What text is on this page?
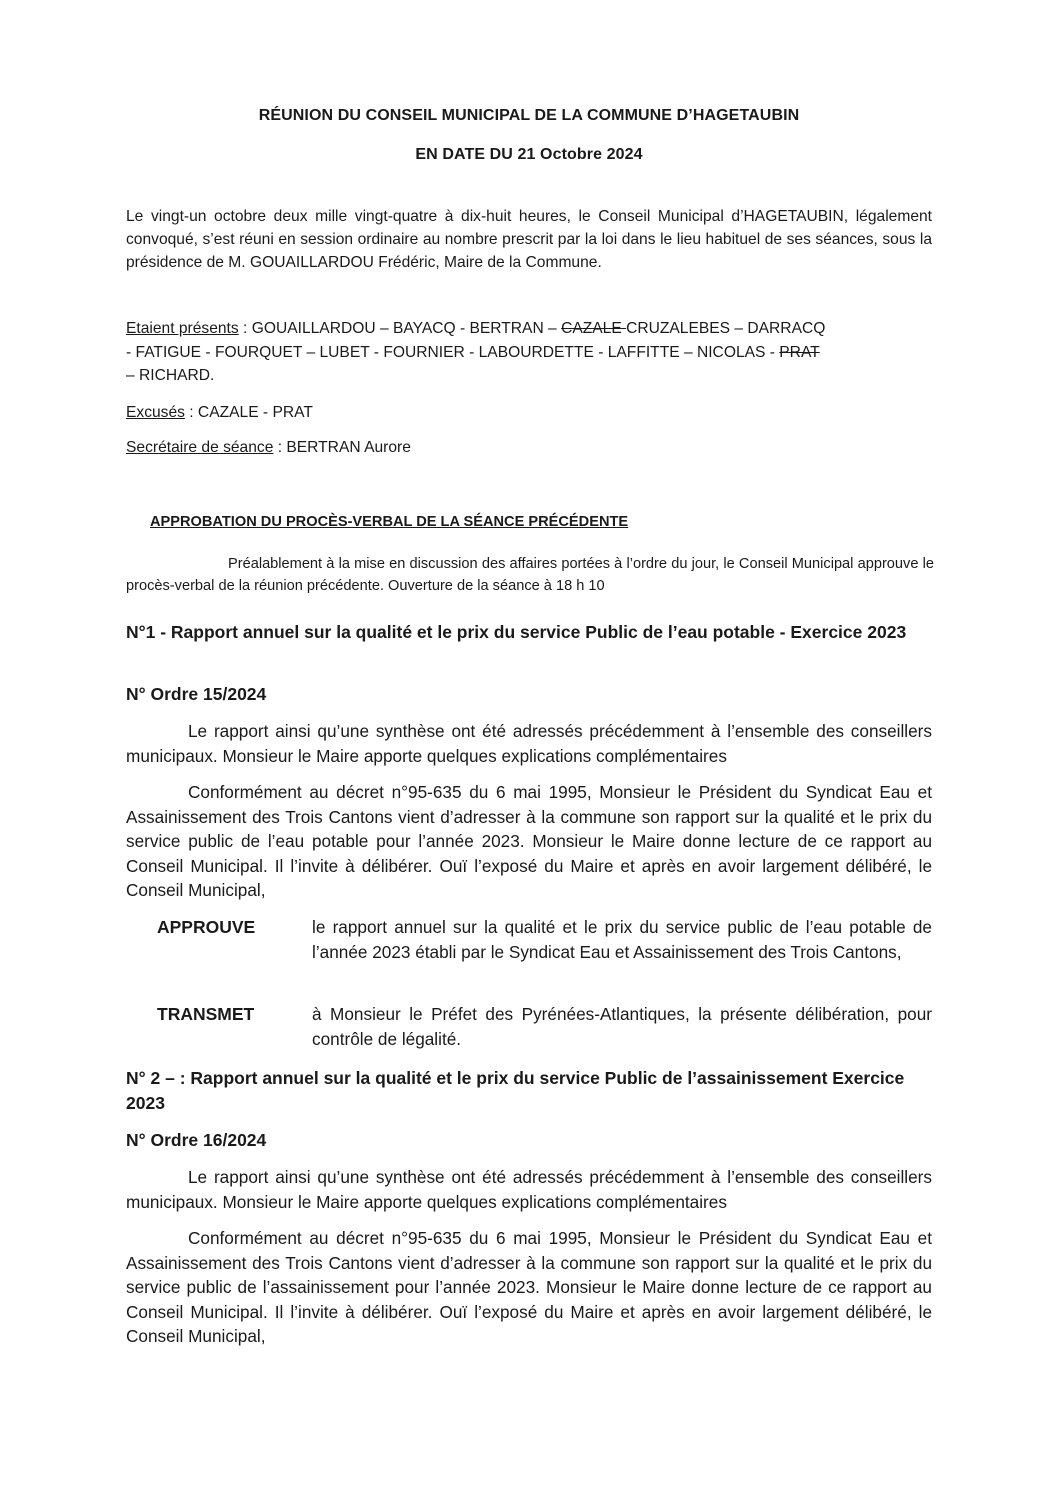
RÉUNION DU CONSEIL MUNICIPAL DE LA COMMUNE D’HAGETAUBIN
EN DATE DU 21 Octobre 2024
Le vingt-un octobre deux mille vingt-quatre à dix-huit heures, le Conseil Municipal d’HAGETAUBIN, légalement convoqué, s’est réuni en session ordinaire au nombre prescrit par la loi dans le lieu habituel de ses séances, sous la présidence de M. GOUAILLARDOU Frédéric, Maire de la Commune.
Etaient présents : GOUAILLARDOU – BAYACQ - BERTRAN – CAZALE CRUZALEBES – DARRACQ
- FATIGUE - FOURQUET – LUBET - FOURNIER - LABOURDETTE - LAFFITTE – NICOLAS - PRAT
– RICHARD.
Excusés : CAZALE - PRAT
Secrétaire de séance : BERTRAN Aurore
APPROBATION DU PROCÈS-VERBAL DE LA SÉANCE PRÉCÉDENTE
Préalablement à la mise en discussion des affaires portées à l’ordre du jour, le Conseil Municipal approuve le procès-verbal de la réunion précédente. Ouverture de la séance à 18 h 10
N°1 - Rapport annuel sur la qualité et le prix du service Public de l’eau potable - Exercice 2023
N° Ordre 15/2024
Le rapport ainsi qu’une synthèse ont été adressés précédemment à l’ensemble des conseillers municipaux. Monsieur le Maire apporte quelques explications complémentaires
Conformément au décret n°95-635 du 6 mai 1995, Monsieur le Président du Syndicat Eau et Assainissement des Trois Cantons vient d’adresser à la commune son rapport sur la qualité et le prix du service public de l’eau potable pour l’année 2023. Monsieur le Maire donne lecture de ce rapport au Conseil Municipal. Il l’invite à délibérer. Ouï l’exposé du Maire et après en avoir largement délibéré, le Conseil Municipal,
APPROUVE	le rapport annuel sur la qualité et le prix du service public de l’eau potable de l’année 2023 établi par le Syndicat Eau et Assainissement des Trois Cantons,
TRANSMET	à Monsieur le Préfet des Pyrénées-Atlantiques, la présente délibération, pour contrôle de légalité.
N° 2 – : Rapport annuel sur la qualité et le prix du service Public de l’assainissement Exercice 2023
N° Ordre 16/2024
Le rapport ainsi qu’une synthèse ont été adressés précédemment à l’ensemble des conseillers municipaux. Monsieur le Maire apporte quelques explications complémentaires
Conformément au décret n°95-635 du 6 mai 1995, Monsieur le Président du Syndicat Eau et Assainissement des Trois Cantons vient d’adresser à la commune son rapport sur la qualité et le prix du service public de l’assainissement pour l’année 2023. Monsieur le Maire donne lecture de ce rapport au Conseil Municipal. Il l’invite à délibérer. Ouï l’exposé du Maire et après en avoir largement délibéré, le Conseil Municipal,
